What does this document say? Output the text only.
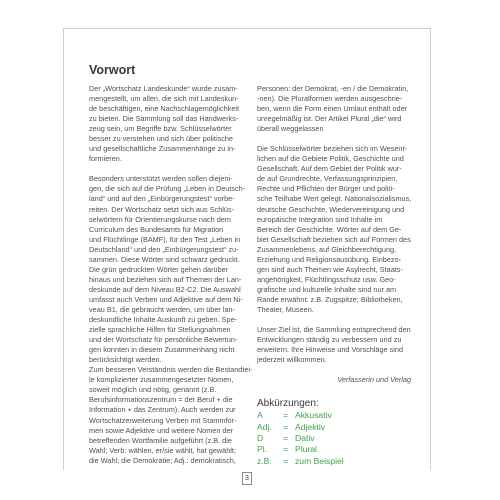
Vorwort
Der „Wortschatz Landeskunde“ wurde zusam-
mengestellt, um allen, die sich mit Landeskun-
de beschäftigen, eine Nachschlagemöglichkeit
zu bieten. Die Sammlung soll das Handwerks-
zeug sein, um Begriffe bzw. Schlüsselwörter
besser zu verstehen und sich über politische
und gesellschaftliche Zusammenhänge zu in-
formieren.
Besonders unterstützt werden sollen diejeni-
gen, die sich auf die Prüfung „Leben in Deutsch-
land“ und auf den „Einbürgerungstest“ vorbe-
reiten. Der Wortschatz setzt sich aus Schlüs-
selwörtern für Orientierungskurse nach dem
Curriculum des Bundesamts für Migration
und Flüchtlinge (BAMF), für den Test „Leben in
Deutschland“ und den „Einbürgerungstest“ zu-
sammen. Diese Wörter sind schwarz gedruckt.
Die grün gedruckten Wörter gehen darüber
hinaus und beziehen sich auf Themen der Lan-
deskunde auf dem Niveau B2-C2. Die Auswahl
umfasst auch Verben und Adjektive auf dem Ni-
veau B1, die gebraucht werden, um über lan-
deskundliche Inhalte Auskunft zu geben. Spe-
zielle sprachliche Hilfen für Stellungnahmen
und der Wortschatz für persönliche Bewertun-
gen konnten in diesem Zusammenhang nicht
berücksichtigt werden.
Zum besseren Verständnis werden die Bestandtei-
le komplizierter zusammengesetzter Nomen,
soweit möglich und nötig, genannt (z.B.
Berufsinformationszentrum = der Beruf + die
Information + das Zentrum). Auch werden zur
Wortschatzerweiterung Verben mit Stammfor-
men sowie Adjektive und weitere Nomen der
betreffenden Wortfamilie aufgeführt (z.B. die
Wahl; Verb: wählen, er/sie wählt, hat gewählt;
die Wahl; die Demokratie; Adj.: demokratisch,
Personen: der Demokrat, -en / die Demokratin,
-nen). Die Pluralformen werden ausgeschrie-
ben, wenn die Form einen Umlaut enthält oder
unregelmäßig ist. Der Artikel Plural „die“ wird
überall weggelassen
Die Schlüsselwörter beziehen sich im Wesent-
lichen auf die Gebiete Politik, Geschichte und
Gesellschaft. Auf dem Gebiet der Politik wur-
de auf Grundrechte, Verfassungsprinzipien,
Rechte und Pflichten der Bürger und politi-
sche Teilhabe Wert gelegt. Nationalsozialismus,
deutsche Geschichte, Wiedervereinigung und
europäische Integration sind Inhalte im
Bereich der Geschichte. Wörter auf dem Ge-
biet Gesellschaft beziehen sich auf Formen des
Zusammenlebens, auf Gleichberechtigung,
Erziehung und Religionsausübung. Einbezo-
gen sind auch Themen wie Asylrecht, Staats-
angehörigkeit, Flüchtlingsschutz usw. Geo-
grafische und kulturelle Inhalte sind nur am
Rande erwähnt: z.B. Zugspitze; Bibliotheken,
Theater, Museen.
Unser Ziel ist, die Sammlung entsprechend den
Entwicklungen ständig zu verbessern und zu
erweitern. Ihre Hinweise und Vorschläge sind
jederzeit willkommen.
Verfasserin und Verlag
Abkürzungen:
A	= Akkusativ
Adj.	= Adjektiv
D	= Dativ
Pl.	= Plural
z.B.	= zum Beispiel
3
